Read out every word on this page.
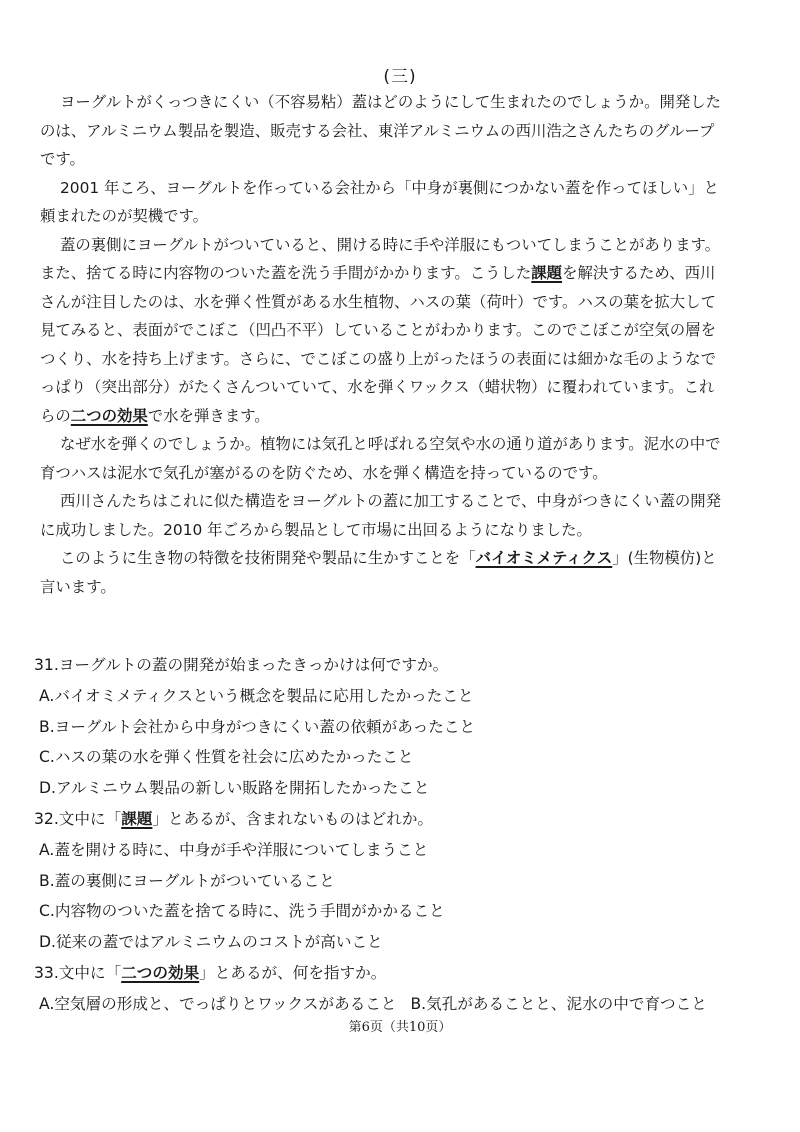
(三)
ヨーグルトがくっつきにくい（不容易粘）蓋はどのようにして生まれたのでしょうか。開発した
のは、アルミニウム製品を製造、販売する会社、東洋アルミニウムの西川浩之さんたちのグループ
です。
2001 年ころ、ヨーグルトを作っている会社から「中身が裏側につかない蓋を作ってほしい」と
頼まれたのが契機です。
蓋の裏側にヨーグルトがついていると、開ける時に手や洋服にもついてしまうことがあります。
また、捨てる時に内容物のついた蓋を洗う手間がかかります。こうした課題を解決するため、西川
さんが注目したのは、水を弾く性質がある水生植物、ハスの葉（荷叶）です。ハスの葉を拡大して
見てみると、表面がでこぼこ（凹凸不平）していることがわかります。このでこぼこが空気の層を
つくり、水を持ち上げます。さらに、でこぼこの盛り上がったほうの表面には細かな毛のようなで
っぱり（突出部分）がたくさんついていて、水を弾くワックス（蜡状物）に覆われています。これ
らの二つの効果で水を弾きます。
なぜ水を弾くのでしょうか。植物には気孔と呼ばれる空気や水の通り道があります。泥水の中で
育つハスは泥水で気孔が塞がるのを防ぐため、水を弾く構造を持っているのです。
西川さんたちはこれに似た構造をヨーグルトの蓋に加工することで、中身がつきにくい蓋の開発
に成功しました。2010 年ごろから製品として市場に出回るようになりました。
このように生き物の特徴を技術開発や製品に生かすことを「バイオミメティクス」(生物模仿)と
言います。
31.ヨーグルトの蓋の開発が始まったきっかけは何ですか。
A.バイオミメティクスという概念を製品に応用したかったこと
B.ヨーグルト会社から中身がつきにくい蓋の依頼があったこと
C.ハスの葉の水を弾く性質を社会に広めたかったこと
D.アルミニウム製品の新しい販路を開拓したかったこと
32.文中に「課題」とあるが、含まれないものはどれか。
A.蓋を開ける時に、中身が手や洋服についてしまうこと
B.蓋の裏側にヨーグルトがついていること
C.内容物のついた蓋を捨てる時に、洗う手間がかかること
D.従来の蓋ではアルミニウムのコストが高いこと
33.文中に「二つの効果」とあるが、何を指すか。
A.空気層の形成と、でっぱりとワックスがあること B.気孔があることと、泥水の中で育つこと
第6页（共10页）
